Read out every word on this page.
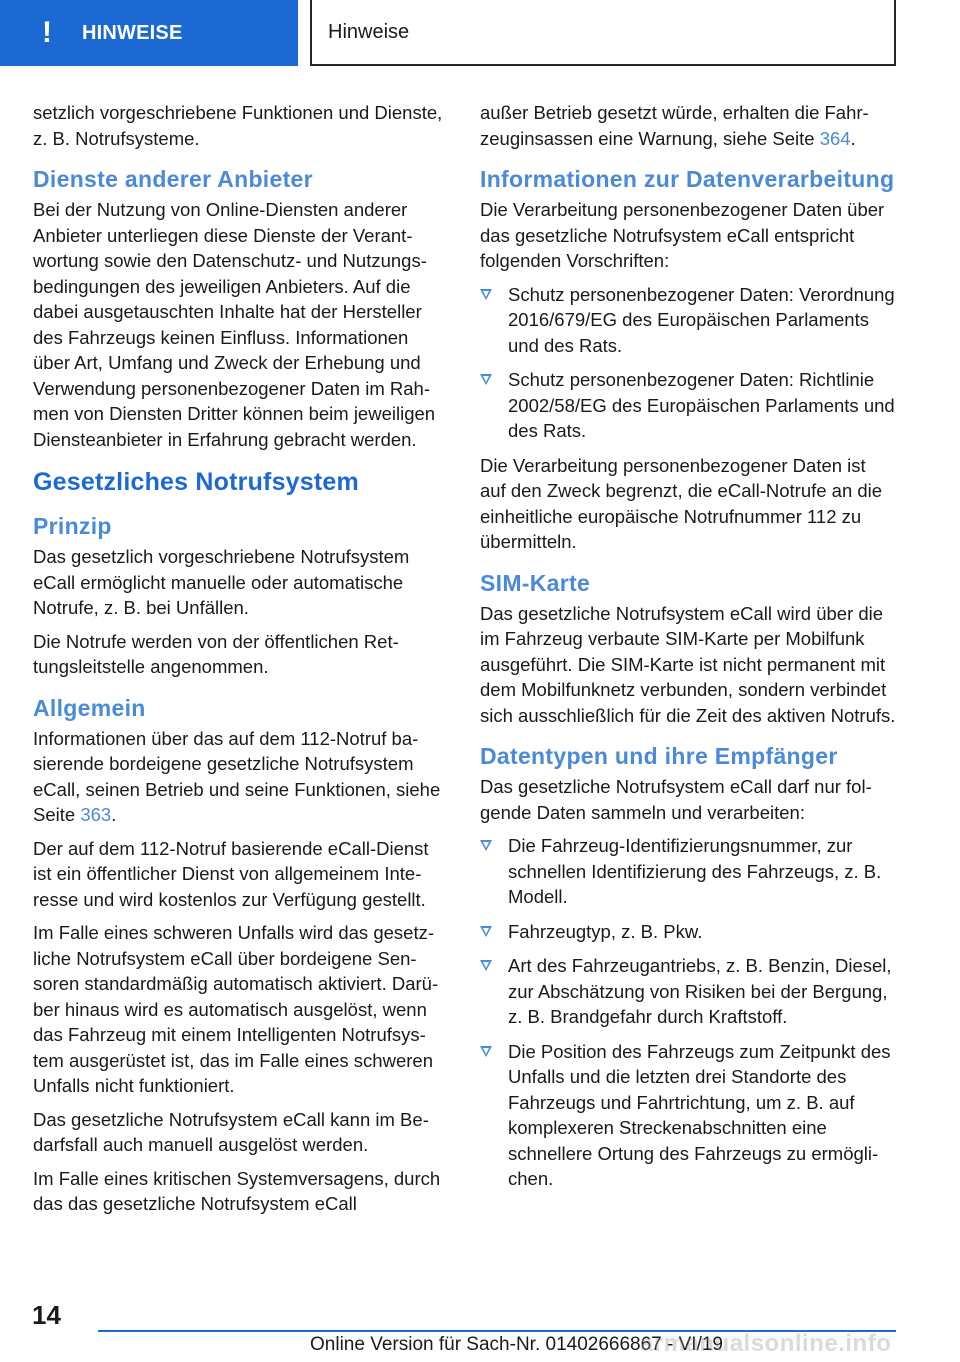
!	HINWEISE	Hinweise

setzlich vorgeschriebene Funktionen und Dienste, z. B. Notrufsysteme.

Dienste anderer Anbieter

Bei der Nutzung von Online-Diensten anderer Anbieter unterliegen diese Dienste der Verantwortung sowie den Datenschutz- und Nutzungsbedingungen des jeweiligen Anbieters. Auf die dabei ausgetauschten Inhalte hat der Hersteller des Fahrzeugs keinen Einfluss. Informationen über Art, Umfang und Zweck der Erhebung und Verwendung personenbezogener Daten im Rahmen von Diensten Dritter können beim jeweiligen Diensteanbieter in Erfahrung gebracht werden.

Gesetzliches Notrufsystem
Prinzip

Das gesetzlich vorgeschriebene Notrufsystem eCall ermöglicht manuelle oder automatische Notrufe, z. B. bei Unfällen.

Die Notrufe werden von der öffentlichen Rettungsleitstelle angenommen.

Allgemein

Informationen über das auf dem 112-Notruf basierende bordeigene gesetzliche Notrufsystem eCall, seinen Betrieb und seine Funktionen, siehe Seite 363.

Der auf dem 112-Notruf basierende eCall-Dienst ist ein öffentlicher Dienst von allgemeinem Interesse und wird kostenlos zur Verfügung gestellt.

Im Falle eines schweren Unfalls wird das gesetzliche Notrufsystem eCall über bordeigene Sensoren standardmäßig automatisch aktiviert. Darüber hinaus wird es automatisch ausgelöst, wenn das Fahrzeug mit einem Intelligenten Notrufsystem ausgerüstet ist, das im Falle eines schweren Unfalls nicht funktioniert.

Das gesetzliche Notrufsystem eCall kann im Bedarfsfall auch manuell ausgelöst werden.

Im Falle eines kritischen Systemversagens, durch das das gesetzliche Notrufsystem eCall

außer Betrieb gesetzt würde, erhalten die Fahrzeuginsassen eine Warnung, siehe Seite 364.

Informationen zur Datenverarbeitung

Die Verarbeitung personenbezogener Daten über das gesetzliche Notrufsystem eCall entspricht folgenden Vorschriften:

Schutz personenbezogener Daten: Verordnung 2016/679/EG des Europäischen Parlaments und des Rats.
Schutz personenbezogener Daten: Richtlinie 2002/58/EG des Europäischen Parlaments und des Rats.

Die Verarbeitung personenbezogener Daten ist auf den Zweck begrenzt, die eCall-Notrufe an die einheitliche europäische Notrufnummer 112 zu übermitteln.

SIM-Karte

Das gesetzliche Notrufsystem eCall wird über die im Fahrzeug verbaute SIM-Karte per Mobilfunk ausgeführt. Die SIM-Karte ist nicht permanent mit dem Mobilfunknetz verbunden, sondern verbindet sich ausschließlich für die Zeit des aktiven Notrufs.

Datentypen und ihre Empfänger

Das gesetzliche Notrufsystem eCall darf nur folgende Daten sammeln und verarbeiten:

Die Fahrzeug-Identifizierungsnummer, zur schnellen Identifizierung des Fahrzeugs, z. B. Modell.
Fahrzeugtyp, z. B. Pkw.
Art des Fahrzeugantriebs, z. B. Benzin, Diesel, zur Abschätzung von Risiken bei der Bergung, z. B. Brandgefahr durch Kraftstoff.
Die Position des Fahrzeugs zum Zeitpunkt des Unfalls und die letzten drei Standorte des Fahrzeugs und Fahrtrichtung, um z. B. auf komplexeren Streckenabschnitten eine schnellere Ortung des Fahrzeugs zu ermöglichen.
14
Online Version für Sach-Nr. 01402666867 - VI/19
armanualsonline.info
